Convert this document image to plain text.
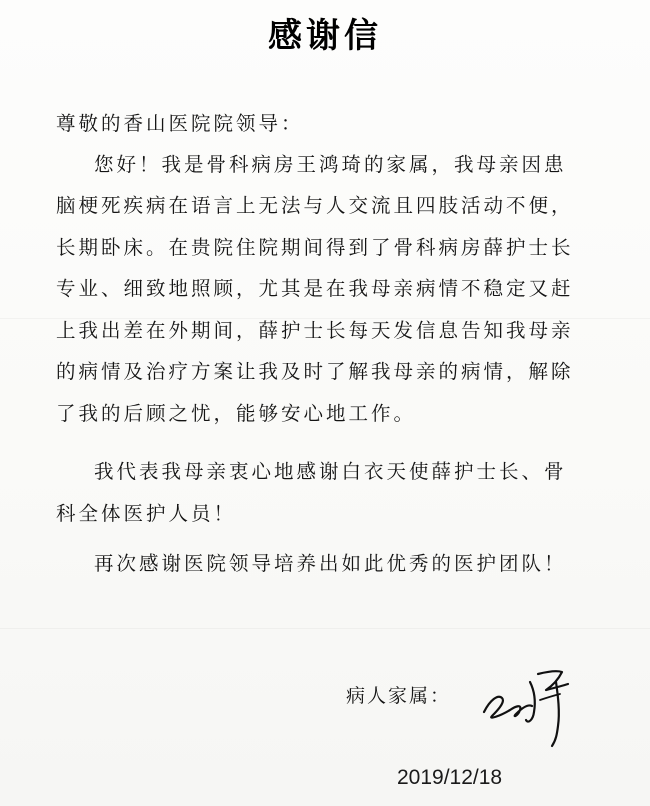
感谢信
尊敬的香山医院院领导：
您好！我是骨科病房王鸿琦的家属，我母亲因患
脑梗死疾病在语言上无法与人交流且四肢活动不便，
长期卧床。在贵院住院期间得到了骨科病房薛护士长
专业、细致地照顾，尤其是在我母亲病情不稳定又赶
上我出差在外期间，薛护士长每天发信息告知我母亲
的病情及治疗方案让我及时了解我母亲的病情，解除
了我的后顾之忧，能够安心地工作。
我代表我母亲衷心地感谢白衣天使薛护士长、骨
科全体医护人员！
再次感谢医院领导培养出如此优秀的医护团队！
病人家属：
2019/12/18
